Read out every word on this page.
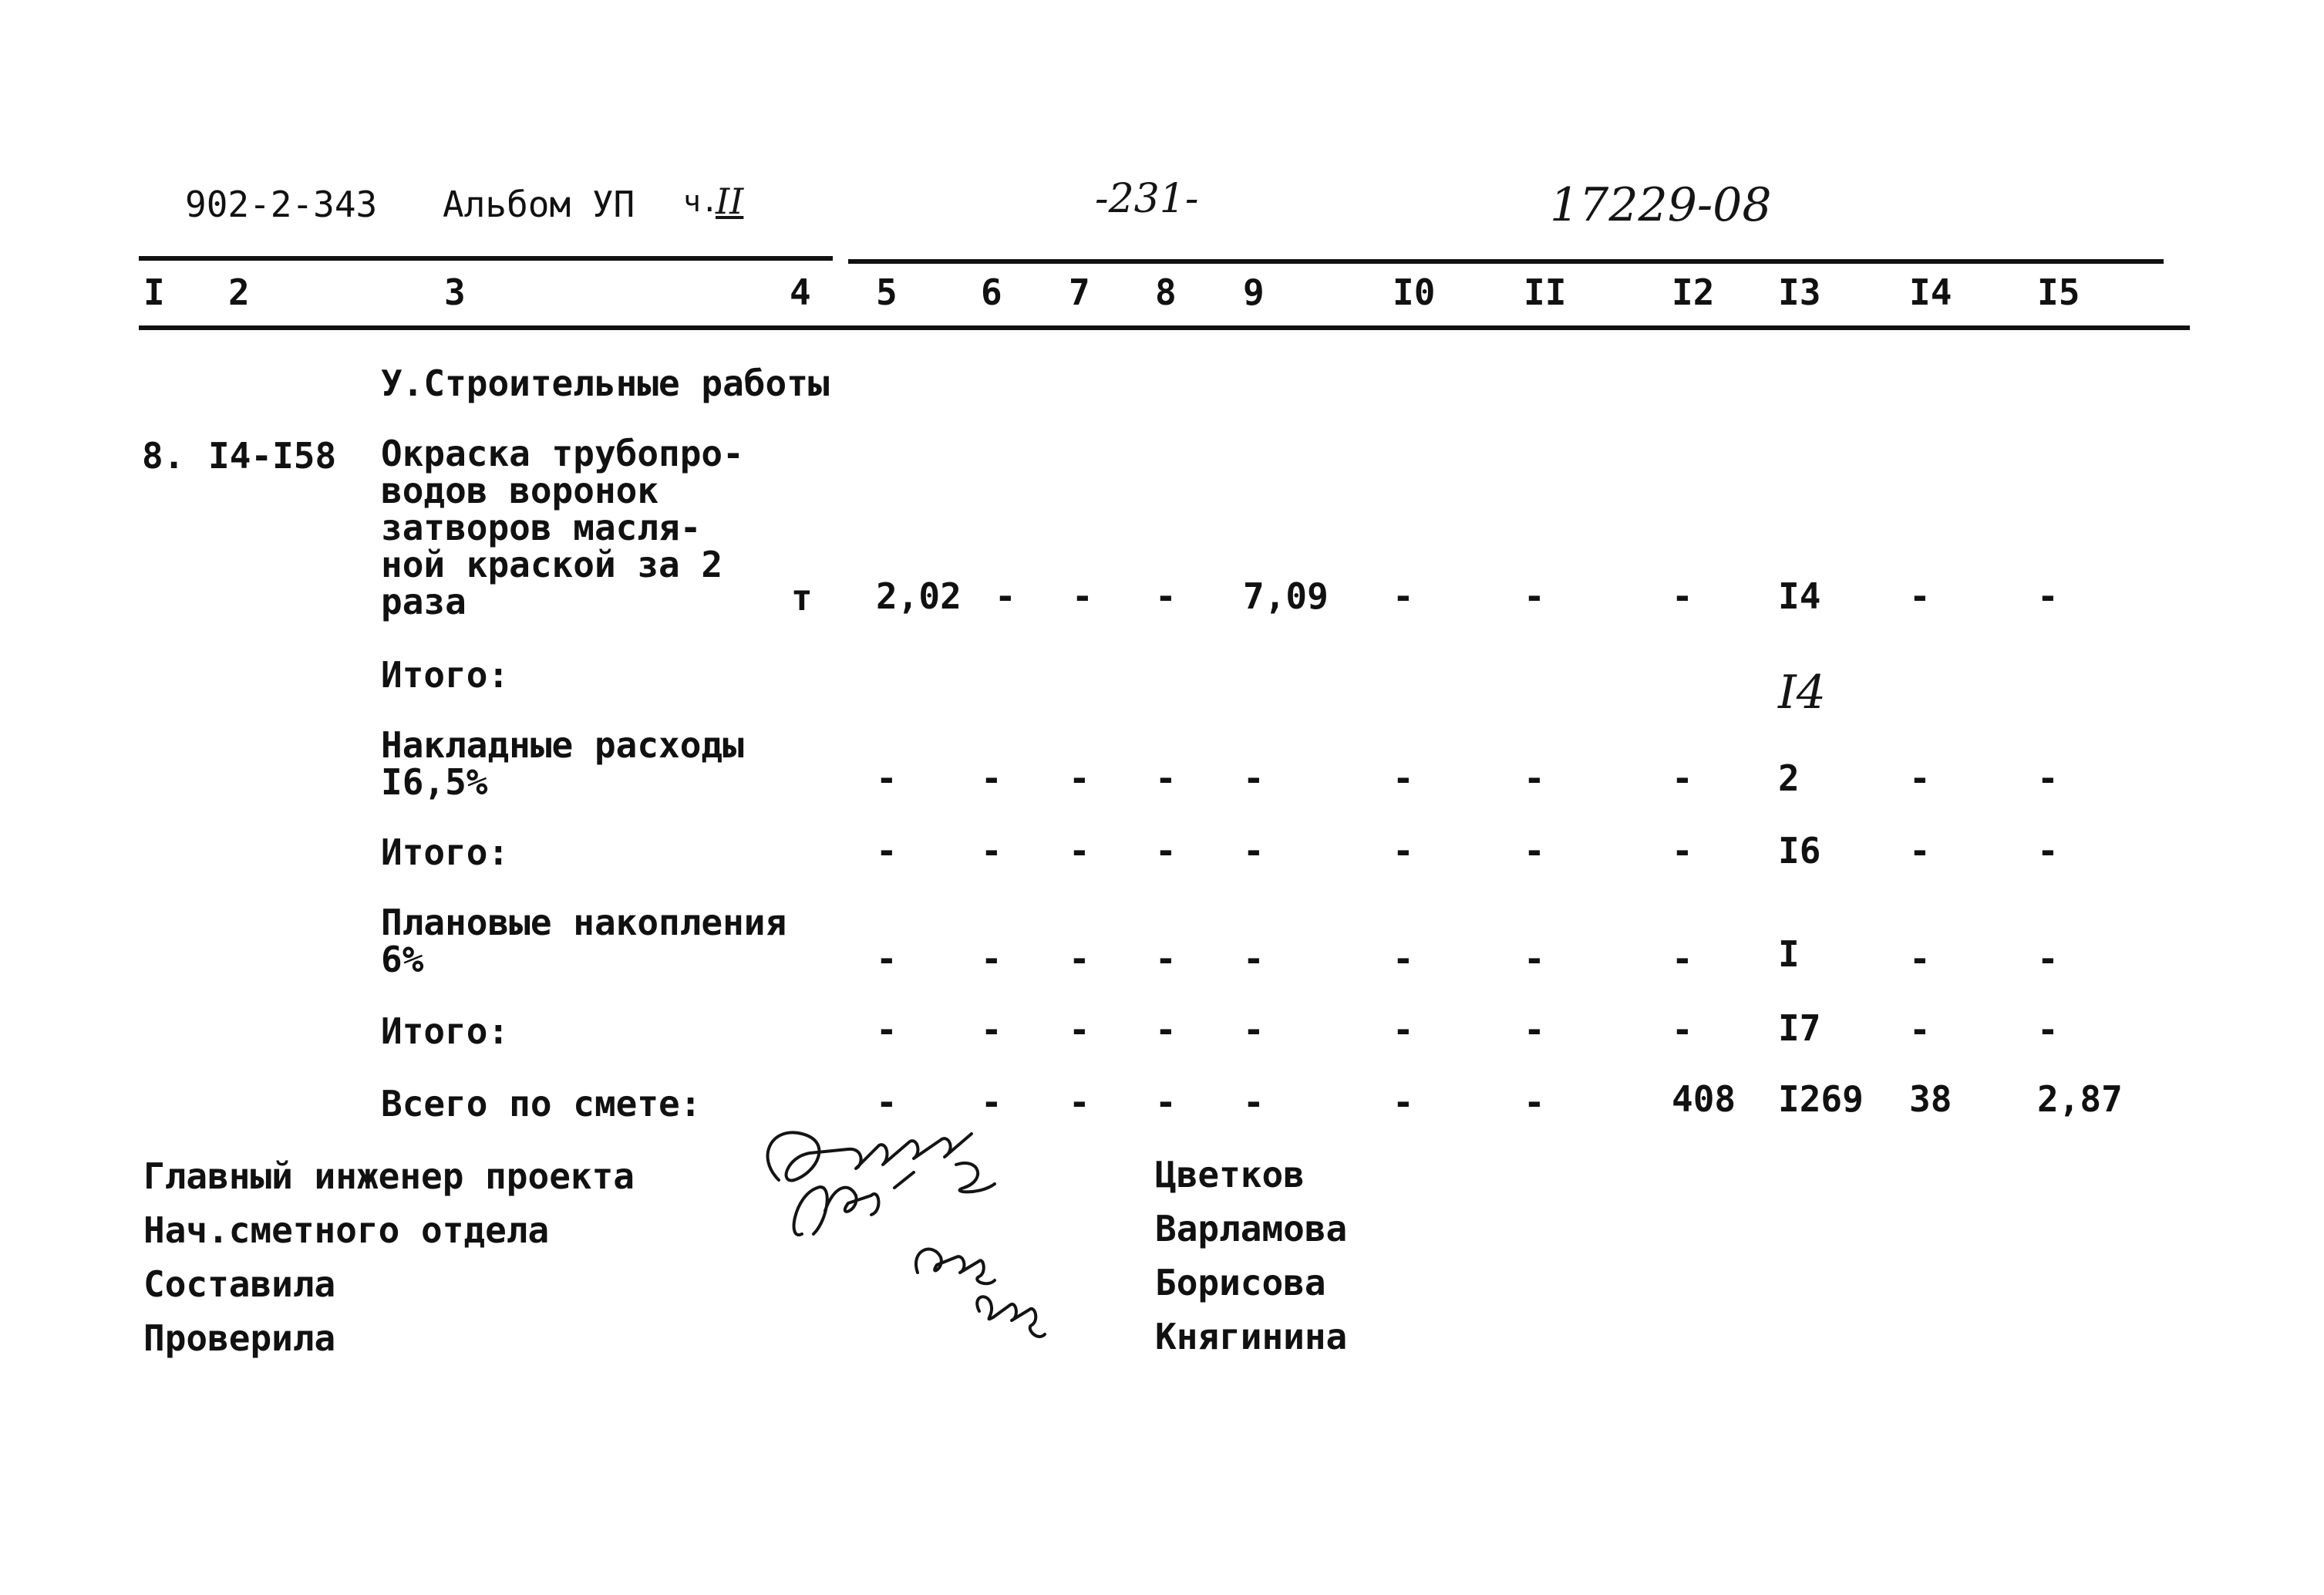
902-2-343 Альбом УП ч.
II	-231-	17229-08
I 2	3	4 5 6 7 8 9	I0 II	I2 I3 I4 I5
У.Строительные работы
8. I4-I58 Окраска трубопро-
водов воронок
затворов масля-
ной краской за 2
раза	т 2,02 - - - 7,09 -	-	- I4 -	-
Итого:	I4
Накладные расходы
I6,5%	- - - - -	-	-	- 2	-	-
Итого:	- - - - -	-	-	- I6 -	-
Плановые накопления
6%	- - - - -	-	-	- I	-	-
Итого:	- - - - -	-	-	- I7 -	-
Всего по смете:	- - - - -	-	-	408 I269 38 2,87
Главный инженер проекта
Нач.сметного отдела
Составила
Проверила
Цветков
Варламова
Борисова
Княгинина
